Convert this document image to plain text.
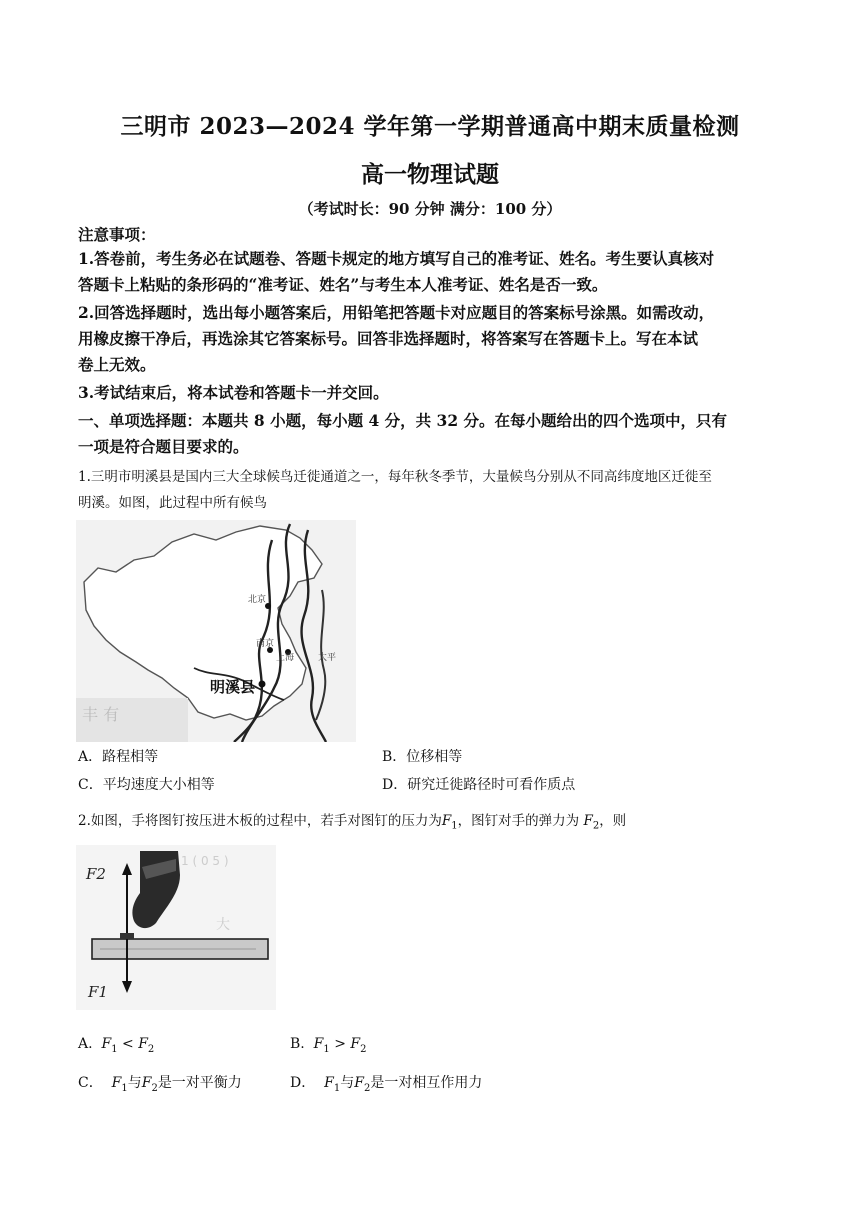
三明市 2023—2024 学年第一学期普通高中期末质量检测
高一物理试题
（考试时长：90 分钟 满分：100 分）
注意事项：
1.答卷前，考生务必在试题卷、答题卡规定的地方填写自己的准考证、姓名。考生要认真核对
答题卡上粘贴的条形码的“准考证、姓名”与考生本人准考证、姓名是否一致。
2.回答选择题时，选出每小题答案后，用铅笔把答题卡对应题目的答案标号涂黑。如需改动，
用橡皮擦干净后，再选涂其它答案标号。回答非选择题时，将答案写在答题卡上。写在本试
卷上无效。
3.考试结束后，将本试卷和答题卡一并交回。
一、单项选择题：本题共 8 小题，每小题 4 分，共 32 分。在每小题给出的四个选项中，只有
一项是符合题目要求的。
1.三明市明溪县是国内三大全球候鸟迁徙通道之一，每年秋冬季节，大量候鸟分别从不同高纬度地区迁徙至
明溪。如图，此过程中所有候鸟
丰 有
北京
南京
上海	太平
明溪县
A．路程相等	B．位移相等
C．平均速度大小相等	D．研究迁徙路径时可看作质点
2.如图，手将图钉按压进木板的过程中，若手对图钉的压力为$F_1$，图钉对手的弹力为 $F_2$，则
1 ( 0 5 )
大
F2
F1
A. $F_1 < F_2$	B. $F_1 > F_2$
C． $F_1$与$F_2$是一对平衡力	D． $F_1$与$F_2$是一对相互作用力
